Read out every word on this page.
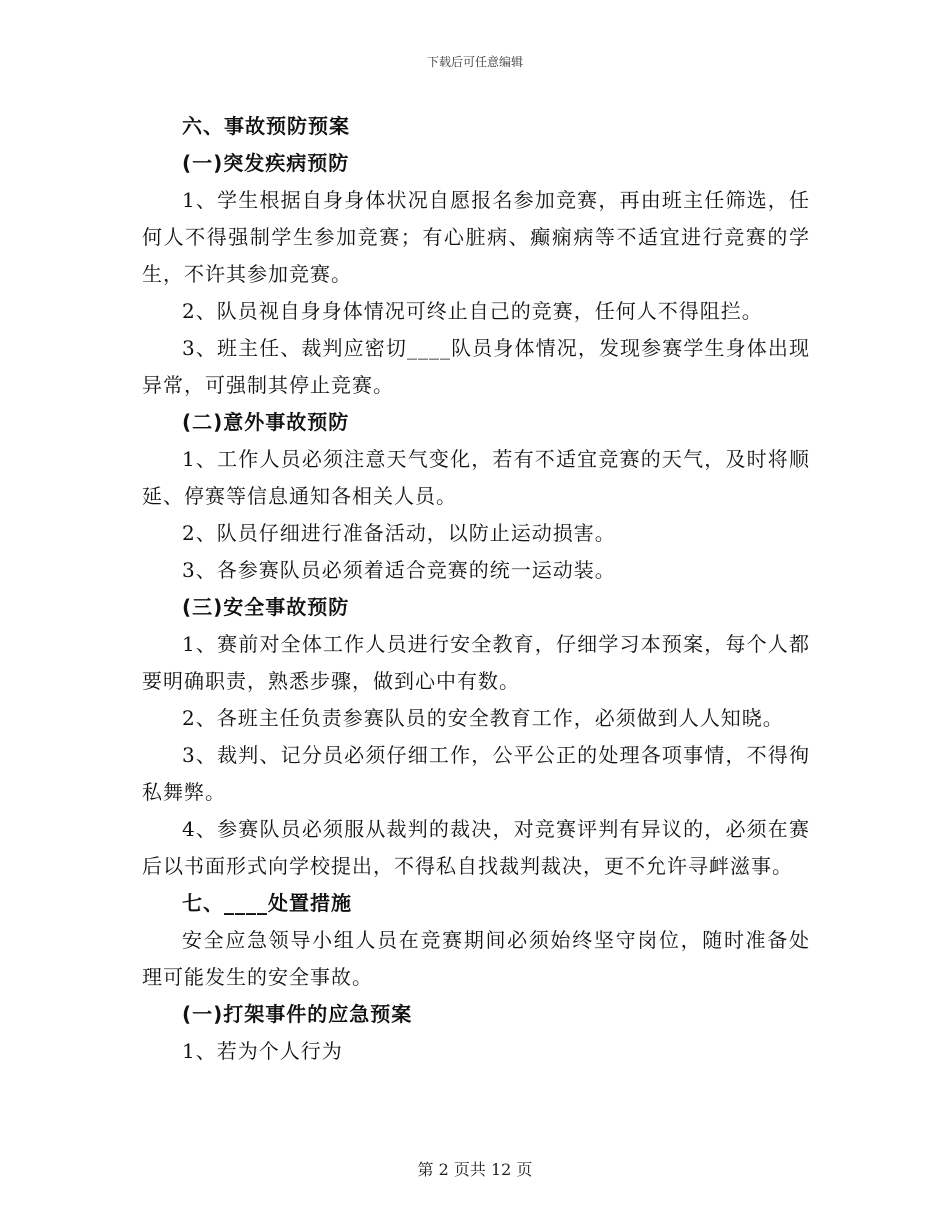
下载后可任意编辑

六、事故预防预案

(一)突发疾病预防

1、学生根据自身身体状况自愿报名参加竞赛，再由班主任筛选，任何人不得强制学生参加竞赛；有心脏病、癫痫病等不适宜进行竞赛的学生，不许其参加竞赛。

2、队员视自身身体情况可终止自己的竞赛，任何人不得阻拦。

3、班主任、裁判应密切____队员身体情况，发现参赛学生身体出现异常，可强制其停止竞赛。

(二)意外事故预防

1、工作人员必须注意天气变化，若有不适宜竞赛的天气，及时将顺延、停赛等信息通知各相关人员。

2、队员仔细进行准备活动，以防止运动损害。

3、各参赛队员必须着适合竞赛的统一运动装。

(三)安全事故预防

1、赛前对全体工作人员进行安全教育，仔细学习本预案，每个人都要明确职责，熟悉步骤，做到心中有数。

2、各班主任负责参赛队员的安全教育工作，必须做到人人知晓。

3、裁判、记分员必须仔细工作，公平公正的处理各项事情，不得徇私舞弊。

4、参赛队员必须服从裁判的裁决，对竞赛评判有异议的，必须在赛后以书面形式向学校提出，不得私自找裁判裁决，更不允许寻衅滋事。

七、____处置措施

安全应急领导小组人员在竞赛期间必须始终坚守岗位，随时准备处理可能发生的安全事故。

(一)打架事件的应急预案

1、若为个人行为

第 2 页共 12 页
